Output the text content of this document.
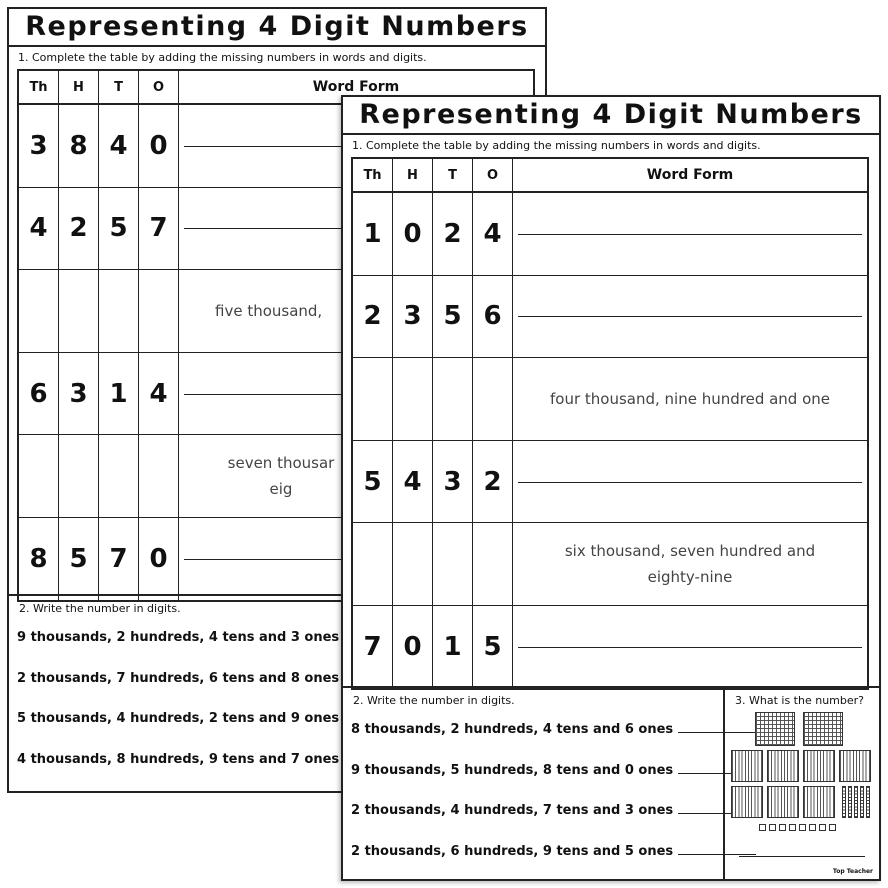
Representing 4 Digit Numbers
1. Complete the table by adding the missing numbers in words and digits.
Th	H	T	O	Word Form
3 8 4 0
4 2 5 7
five thousand,
6 3 1 4
seven thousar eig
8 5 7 0
2. Write the number in digits.
9 thousands, 2 hundreds, 4 tens and 3 ones
2 thousands, 7 hundreds, 6 tens and 8 ones
5 thousands, 4 hundreds, 2 tens and 9 ones
4 thousands, 8 hundreds, 9 tens and 7 ones
Representing 4 Digit Numbers
1. Complete the table by adding the missing numbers in words and digits.
Th	H	T	O	Word Form
1 0 2 4
2 3 5 6
four thousand, nine hundred and one
5 4 3 2
six thousand, seven hundred and eighty-nine
7 0 1 5
2. Write the number in digits.
8 thousands, 2 hundreds, 4 tens and 6 ones
9 thousands, 5 hundreds, 8 tens and 0 ones
2 thousands, 4 hundreds, 7 tens and 3 ones
2 thousands, 6 hundreds, 9 tens and 5 ones
3. What is the number?
Top Teacher
